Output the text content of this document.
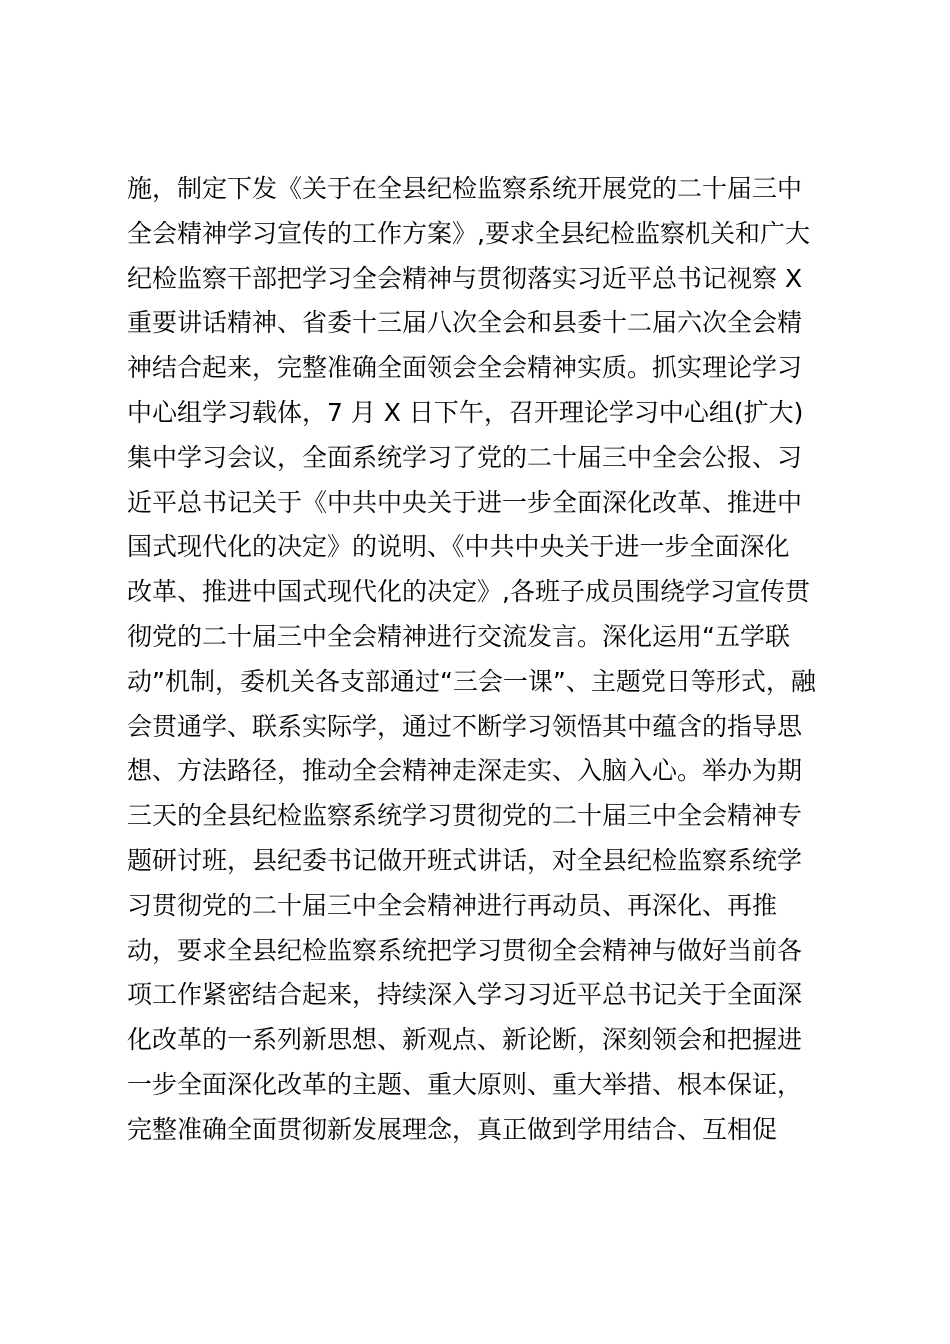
施，制定下发《关于在全县纪检监察系统开展党的二十届三中
全会精神学习宣传的工作方案》,要求全县纪检监察机关和广大
纪检监察干部把学习全会精神与贯彻落实习近平总书记视察 X
重要讲话精神、省委十三届八次全会和县委十二届六次全会精
神结合起来，完整准确全面领会全会精神实质。抓实理论学习
中心组学习载体，7 月 X 日下午，召开理论学习中心组(扩大)
集中学习会议，全面系统学习了党的二十届三中全会公报、习
近平总书记关于《中共中央关于进一步全面深化改革、推进中
国式现代化的决定》的说明、《中共中央关于进一步全面深化
改革、推进中国式现代化的决定》,各班子成员围绕学习宣传贯
彻党的二十届三中全会精神进行交流发言。深化运用“五学联
动”机制，委机关各支部通过“三会一课”、主题党日等形式，融
会贯通学、联系实际学，通过不断学习领悟其中蕴含的指导思
想、方法路径，推动全会精神走深走实、入脑入心。举办为期
三天的全县纪检监察系统学习贯彻党的二十届三中全会精神专
题研讨班，县纪委书记做开班式讲话，对全县纪检监察系统学
习贯彻党的二十届三中全会精神进行再动员、再深化、再推
动，要求全县纪检监察系统把学习贯彻全会精神与做好当前各
项工作紧密结合起来，持续深入学习习近平总书记关于全面深
化改革的一系列新思想、新观点、新论断，深刻领会和把握进
一步全面深化改革的主题、重大原则、重大举措、根本保证，
完整准确全面贯彻新发展理念，真正做到学用结合、互相促
